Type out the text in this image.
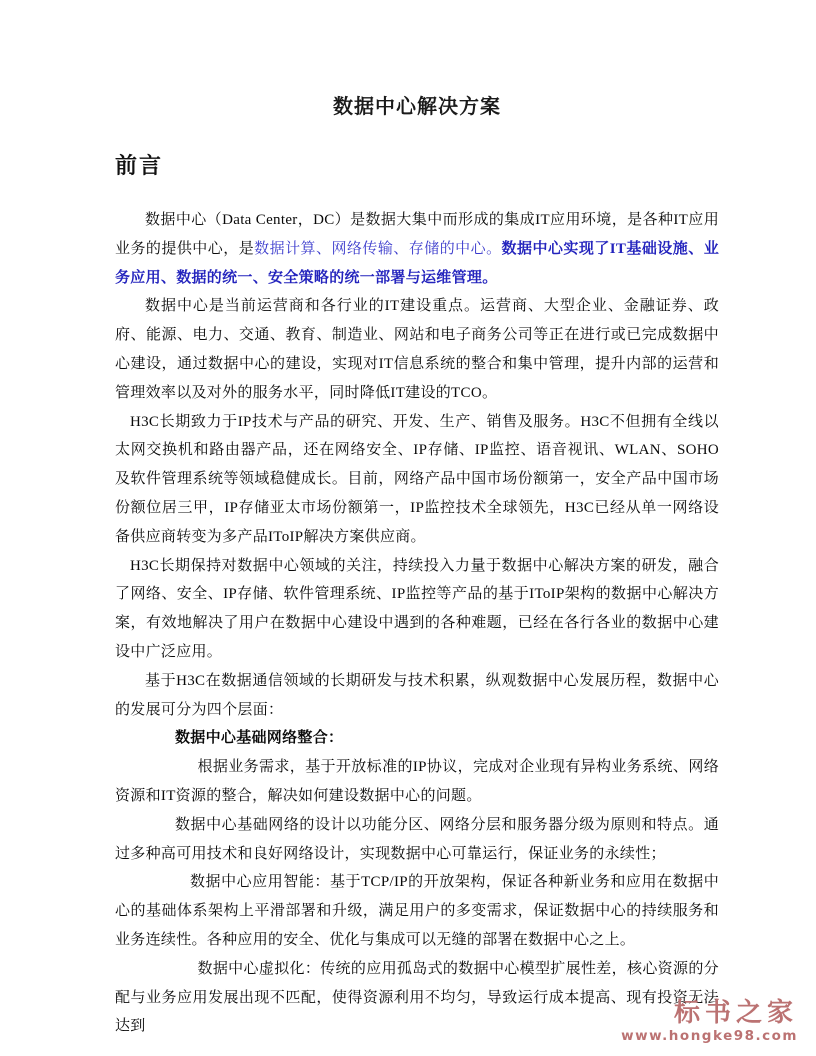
数据中心解决方案
前言

数据中心（Data Center，DC）是数据大集中而形成的集成IT应用环境，是各种IT应用业务的提供中心，是数据计算、网络传输、存储的中心。数据中心实现了IT基础设施、业务应用、数据的统一、安全策略的统一部署与运维管理。

数据中心是当前运营商和各行业的IT建设重点。运营商、大型企业、金融证券、政府、能源、电力、交通、教育、制造业、网站和电子商务公司等正在进行或已完成数据中心建设，通过数据中心的建设，实现对IT信息系统的整合和集中管理，提升内部的运营和管理效率以及对外的服务水平，同时降低IT建设的TCO。

H3C长期致力于IP技术与产品的研究、开发、生产、销售及服务。H3C不但拥有全线以太网交换机和路由器产品，还在网络安全、IP存储、IP监控、语音视讯、WLAN、SOHO及软件管理系统等领域稳健成长。目前，网络产品中国市场份额第一，安全产品中国市场份额位居三甲，IP存储亚太市场份额第一，IP监控技术全球领先，H3C已经从单一网络设备供应商转变为多产品IToIP解决方案供应商。

H3C长期保持对数据中心领域的关注，持续投入力量于数据中心解决方案的研发，融合了网络、安全、IP存储、软件管理系统、IP监控等产品的基于IToIP架构的数据中心解决方案，有效地解决了用户在数据中心建设中遇到的各种难题，已经在各行各业的数据中心建设中广泛应用。

基于H3C在数据通信领域的长期研发与技术积累，纵观数据中心发展历程，数据中心的发展可分为四个层面：

数据中心基础网络整合：

根据业务需求，基于开放标准的IP协议，完成对企业现有异构业务系统、网络资源和IT资源的整合，解决如何建设数据中心的问题。

数据中心基础网络的设计以功能分区、网络分层和服务器分级为原则和特点。通过多种高可用技术和良好网络设计，实现数据中心可靠运行，保证业务的永续性；

数据中心应用智能：基于TCP/IP的开放架构，保证各种新业务和应用在数据中心的基础体系架构上平滑部署和升级，满足用户的多变需求，保证数据中心的持续服务和业务连续性。各种应用的安全、优化与集成可以无缝的部署在数据中心之上。

数据中心虚拟化：传统的应用孤岛式的数据中心模型扩展性差，核心资源的分配与业务应用发展出现不匹配，使得资源利用不均匀，导致运行成本提高、现有投资无法达到	标书之家
www.hongke98.com
